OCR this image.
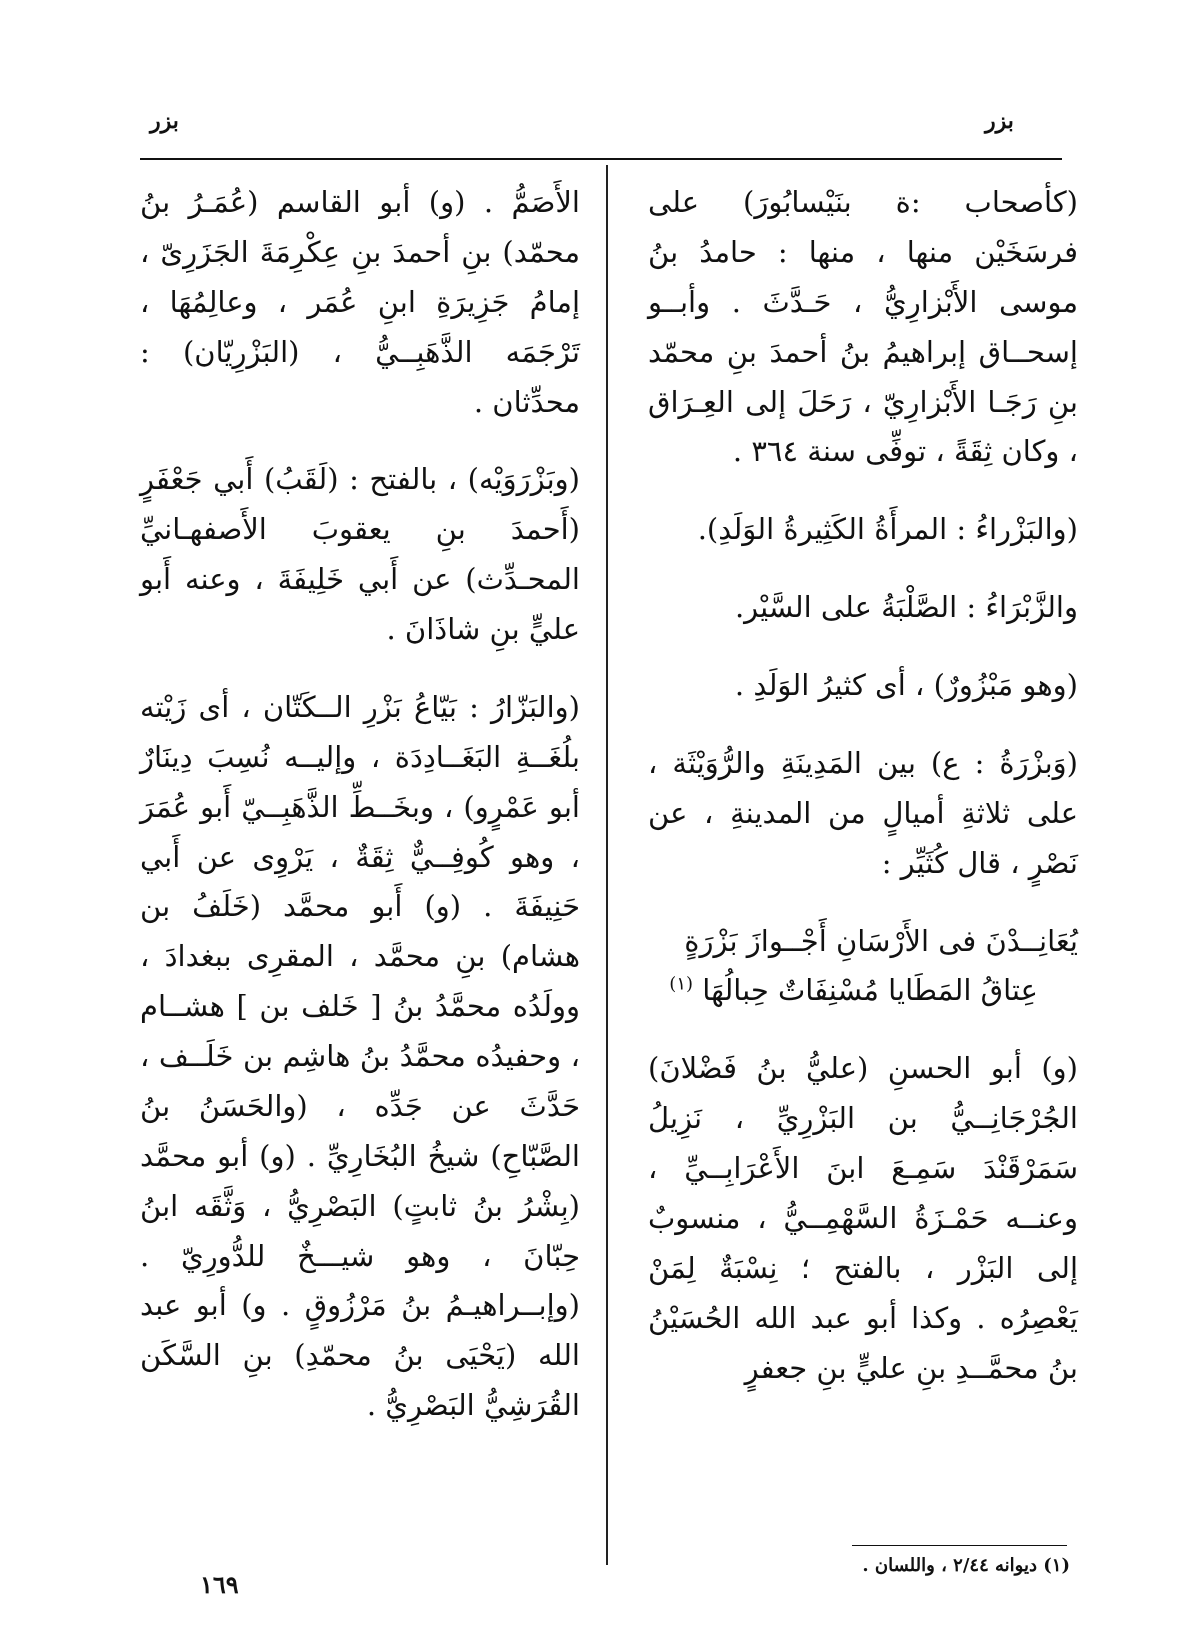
بزر
بزر

(كأصحاب :ة بنَيْسابُورَ) على فرسَخَيْن منها ، منها : حامدُ بنُ موسى الأَبْزارِيُّ ، حَـدَّثَ . وأبــو إسحــاق إبراهيمُ بنُ أحمدَ بنِ محمّد بنِ رَجَـا الأَبْزارِيّ ، رَحَلَ إلى العِـرَاق ، وكان ثِقَةً ، توفِّى سنة ٣٦٤ .

(والبَزْراءُ : المرأَةُ الكَثِيرةُ الوَلَدِ).

والزَّبْرَاءُ : الصَّلْبَةُ على السَّيْر.

(وهو مَبْزُورٌ) ، أى كثيرُ الوَلَدِ .

(وَبزْرَةُ : ع) بين المَدِينَةِ والرُّوَيْثَة ، على ثلاثةِ أميالٍ من المدينةِ ، عن نَصْرٍ ، قال كُثَيِّر :

يُعَانِــدْنَ فى الأَرْسَانِ أَجْــوازَ بَزْرَةٍ
عِتاقُ المَطَايا مُسْنِفَاتٌ حِبالُهَا $^{(١)}$

(و) أبو الحسنِ (عليُّ بنُ فَضْلانَ) الجُرْجَانِــيُّ بن البَزْرِيِّ ، نَزِيلُ سَمَرْقَنْدَ سَمِـعَ ابنَ الأَعْرَابِــيِّ ، وعنــه حَمْـزَةُ السَّهْمِــيُّ ، منسوبٌ إلى البَزْر ، بالفتح ؛ نِسْبَةٌ لِمَنْ يَعْصِرُه . وكذا أبو عبد الله الحُسَيْنُ بنُ محمَّــدِ بنِ عليٍّ بنِ جعفرٍ

الأَصَمُّ . (و) أبو القاسم (عُمَـرُ بنُ محمّد) بنِ أحمدَ بنِ عِكْرِمَةَ الجَزَرِىّ ، إمامُ جَزِيرَةِ ابنِ عُمَر ، وعالِمُهَا ، تَرْجَمَه الذَّهَبِــيُّ ، (البَزْرِيّان) : محدِّثان .

(وبَزْرَوَيْه) ، بالفتح : (لَقَبُ) أَبي جَعْفَرٍ (أَحمدَ بنِ يعقوبَ الأَصفهـانيِّ المحـدِّث) عن أَبي خَلِيفَةَ ، وعنه أَبو عليٍّ بنِ شاذَانَ .

(والبَزّارُ : بَيّاعُ بَزْرِ الــكَتّان ، أى زَيْته بلُغَــةِ البَغَــادِدَة ، وإليــه نُسِبَ دِينَارٌ أبو عَمْرٍو) ، وبخَــطِّ الذَّهَبِــيّ أَبو عُمَرَ ، وهو كُوفِــيٌّ ثِقَةٌ ، يَرْوِى عن أَبي حَنِيفَةَ . (و) أَبو محمَّد (خَلَفُ بن هشام) بنِ محمَّد ، المقرِى ببغدادَ ، وولَدُه محمَّدُ بنُ [ خَلف بن ] هشــام ، وحفيدُه محمَّدُ بنُ هاشِم بن خَلَــف ، حَدَّثَ عن جَدِّه ، (والحَسَنُ بنُ الصَّبّاحِ) شيخُ البُخَارِيِّ . (و) أبو محمَّد (بِشْرُ بنُ ثابتٍ) البَصْرِيُّ ، وَثَّقَه ابنُ حِبّانَ ، وهو شيـــخٌ للدُّورِيّ . (وإبــراهيـمُ بنُ مَرْزُوقٍ . و) أبو عبد الله (يَحْيَى بنُ محمّدِ) بنِ السَّكَن القُرَشِيُّ البَصْرِيُّ .

(١) ديوانه ٢/٤٤ ، واللسان .
١٦٩
